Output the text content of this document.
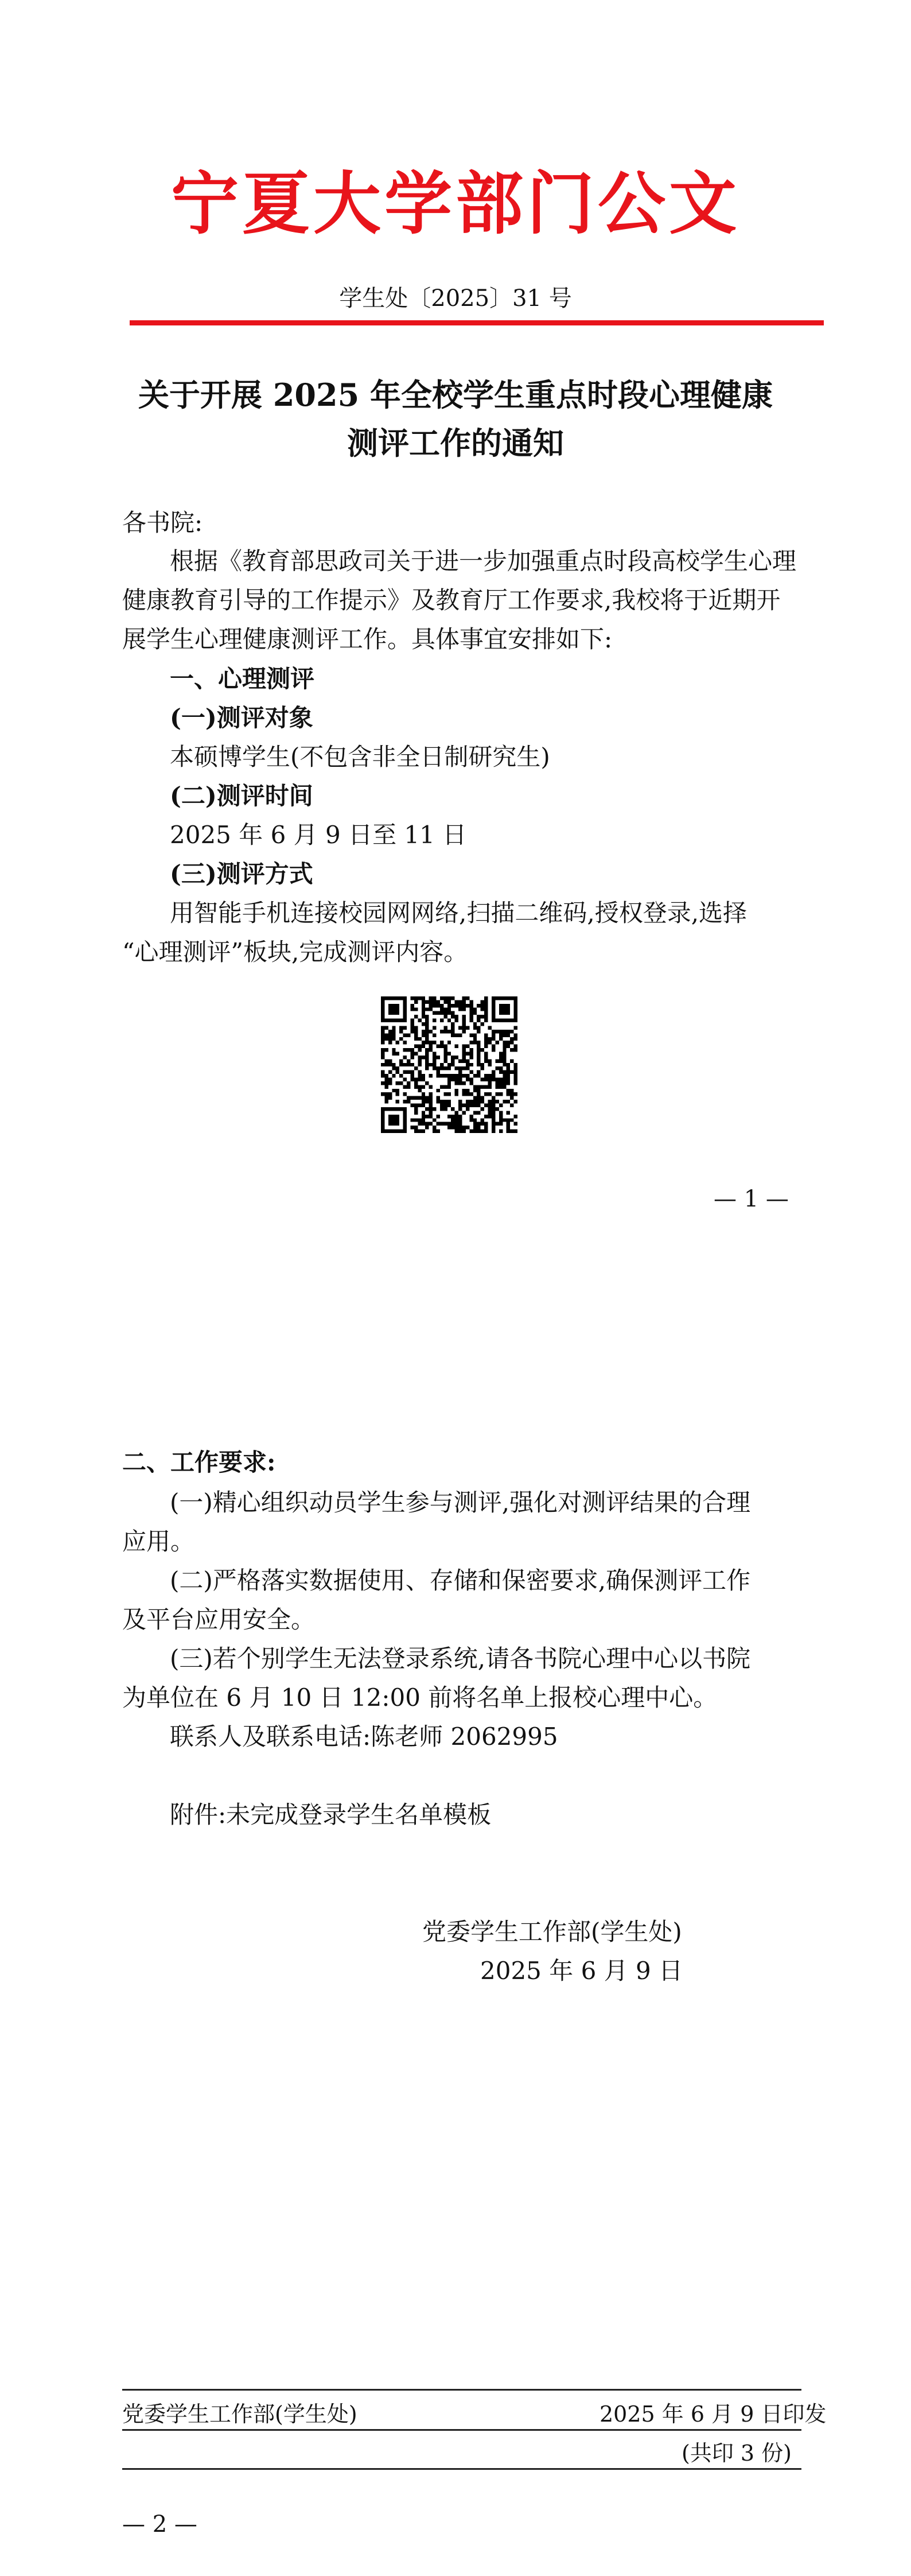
宁夏大学部门公文
学生处〔2025〕31 号
关于开展 2025 年全校学生重点时段心理健康
测评工作的通知
各书院:
根据《教育部思政司关于进一步加强重点时段高校学生心理
健康教育引导的工作提示》及教育厅工作要求,我校将于近期开
展学生心理健康测评工作。具体事宜安排如下:
一、心理测评
(一)测评对象
本硕博学生(不包含非全日制研究生)
(二)测评时间
2025 年 6 月 9 日至 11 日
(三)测评方式
用智能手机连接校园网网络,扫描二维码,授权登录,选择
“心理测评”板块,完成测评内容。
— 1 —
二、工作要求:
(一)精心组织动员学生参与测评,强化对测评结果的合理
应用。
(二)严格落实数据使用、存储和保密要求,确保测评工作
及平台应用安全。
(三)若个别学生无法登录系统,请各书院心理中心以书院
为单位在 6 月 10 日 12:00 前将名单上报校心理中心。
联系人及联系电话:陈老师 2062995
附件:未完成登录学生名单模板
党委学生工作部(学生处)
2025 年 6 月 9 日
党委学生工作部(学生处)	2025 年 6 月 9 日印发
(共印 3 份)
— 2 —
